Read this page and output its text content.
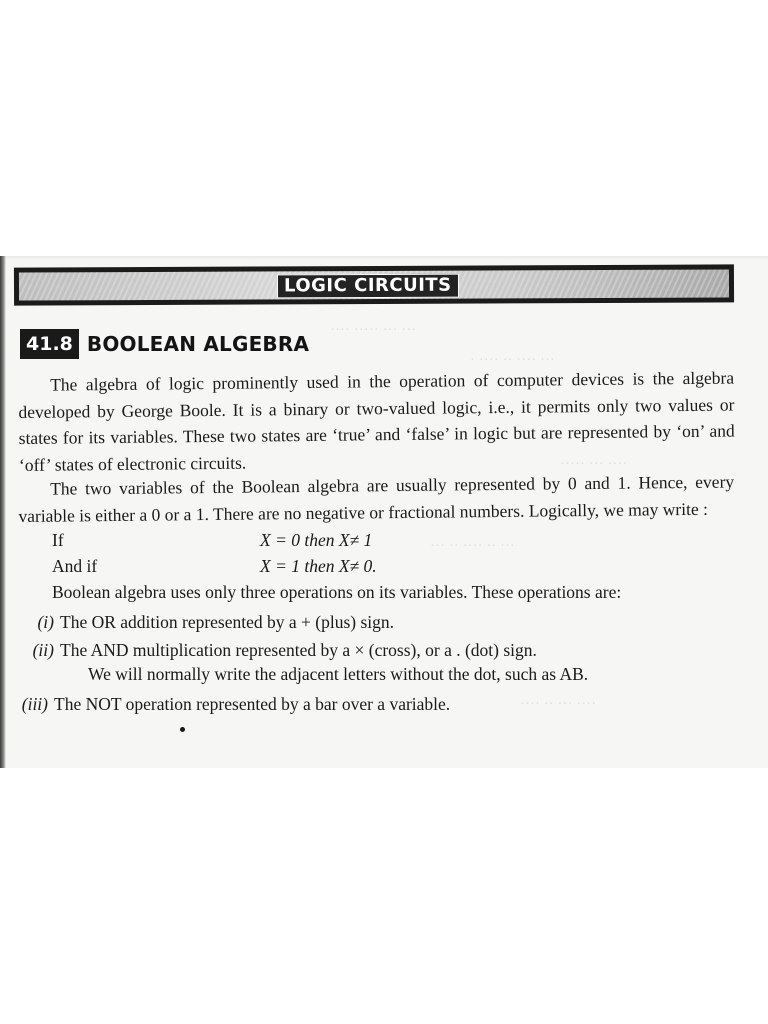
··· ··· ····· ····
··· ···· ·· ···· ·
···· ··· ·····
··· ·· ···· ·· ···
···· ··· ·· ····
LOGIC CIRCUITS
41.8 BOOLEAN ALGEBRA
The algebra of logic prominently used in the operation of computer devices is the algebra developed by George Boole. It is a binary or two-valued logic, i.e., it permits only two values or states for its variables. These two states are ‘true’ and ‘false’ in logic but are represented by ‘on’ and ‘off’ states of electronic circuits.
The two variables of the Boolean algebra are usually represented by 0 and 1. Hence, every variable is either a 0 or a 1. There are no negative or fractional numbers. Logically, we may write :
If	X = 0 then X≠ 1
And if	X = 1 then X≠ 0.
Boolean algebra uses only three operations on its variables. These operations are:
(i) The OR addition represented by a + (plus) sign.
(ii) The AND multiplication represented by a × (cross), or a . (dot) sign.
We will normally write the adjacent letters without the dot, such as AB.
(iii) The NOT operation represented by a bar over a variable.
